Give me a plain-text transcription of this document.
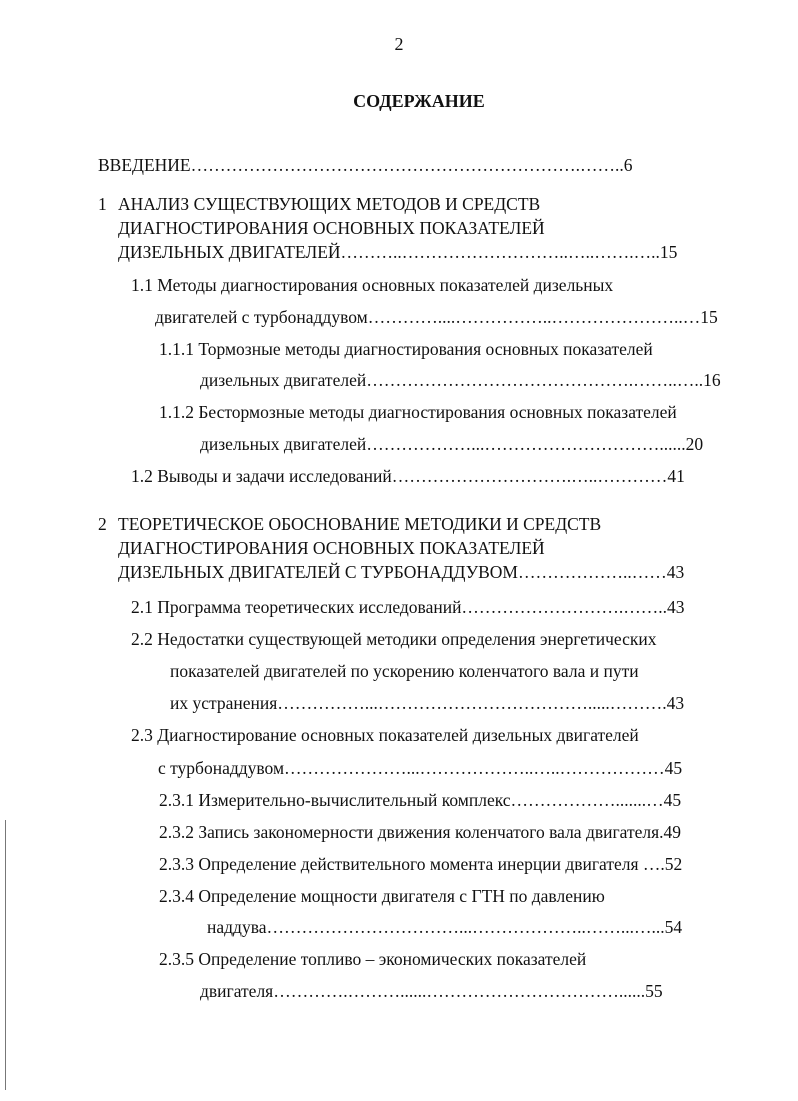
2
СОДЕРЖАНИЕ
ВВЕДЕНИЕ………………………………………………………….……..6
1 АНАЛИЗ СУЩЕСТВУЮЩИХ МЕТОДОВ И СРЕДСТВ
ДИАГНОСТИРОВАНИЯ ОСНОВНЫХ ПОКАЗАТЕЛЕЙ
ДИЗЕЛЬНЫХ ДВИГАТЕЛЕЙ………..………………………..…..…….…..15
1.1 Методы диагностирования основных показателей дизельных
двигателей с турбонаддувом…………....……………..…………………..…15
1.1.1 Тормозные методы диагностирования основных показателей
дизельных двигателей……………………………………….……..…..16
1.1.2 Бестормозные методы диагностирования основных показателей
дизельных двигателей………………...…………………………......20
1.2 Выводы и задачи исследований………………………….…..…………41
2 ТЕОРЕТИЧЕСКОЕ ОБОСНОВАНИЕ МЕТОДИКИ И СРЕДСТВ
ДИАГНОСТИРОВАНИЯ ОСНОВНЫХ ПОКАЗАТЕЛЕЙ
ДИЗЕЛЬНЫХ ДВИГАТЕЛЕЙ С ТУРБОНАДДУВОМ………………..……43
2.1 Программа теоретических исследований……………………….……..43
2.2 Недостатки существующей методики определения энергетических
показателей двигателей по ускорению коленчатого вала и пути
их устранения……………...……………………………….....……….43
2.3 Диагностирование основных показателей дизельных двигателей
с турбонаддувом…………………...………………..…..………………45
2.3.1 Измерительно-вычислительный комплекс……………….......…45
2.3.2 Запись закономерности движения коленчатого вала двигателя.49
2.3.3 Определение действительного момента инерции двигателя ….52
2.3.4 Определение мощности двигателя с ГТН по давлению
наддува……………………………...………………..……...…...54
2.3.5 Определение топливо – экономических показателей
двигателя………….………......……………………………......55
